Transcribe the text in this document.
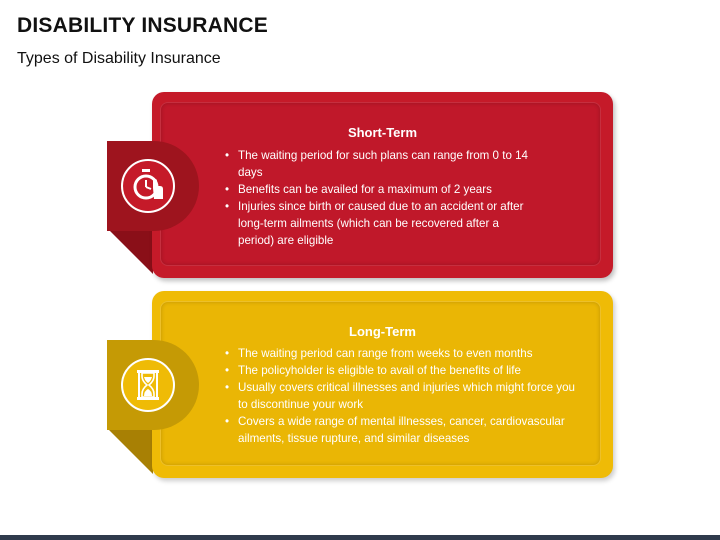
DISABILITY INSURANCE
Types of Disability Insurance
Short-Term
• The waiting period for such plans can range from 0 to 14 days
• Benefits can be availed for a maximum of 2 years
• Injuries since birth or caused due to an accident or after long-term ailments (which can be recovered after a period) are eligible
Long-Term
• The waiting period can range from weeks to even months
• The policyholder is eligible to avail of the benefits of life
• Usually covers critical illnesses and injuries which might force you to discontinue your work
• Covers a wide range of mental illnesses, cancer, cardiovascular ailments, tissue rupture, and similar diseases
